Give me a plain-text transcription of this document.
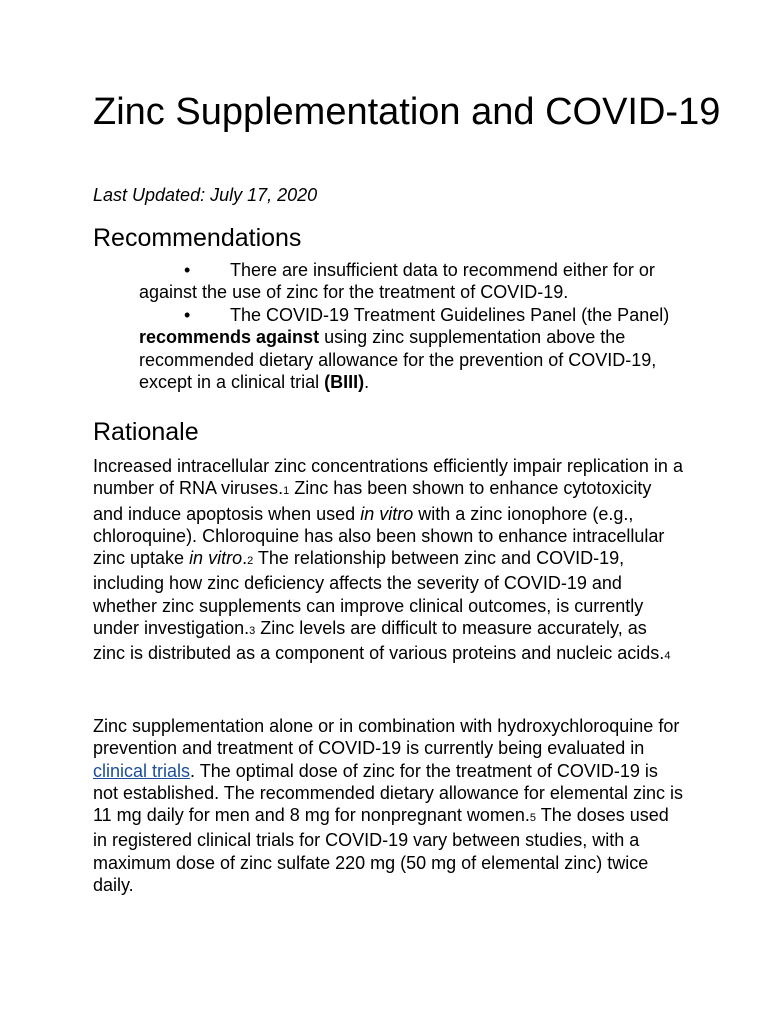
Zinc Supplementation and COVID-19

Last Updated: July 17, 2020

Recommendations
• There are insufficient data to recommend either for or against the use of zinc for the treatment of COVID-19.
• The COVID-19 Treatment Guidelines Panel (the Panel) recommends against using zinc supplementation above the recommended dietary allowance for the prevention of COVID-19, except in a clinical trial (BIII).
Rationale

Increased intracellular zinc concentrations efficiently impair replication in a number of RNA viruses.1 Zinc has been shown to enhance cytotoxicity and induce apoptosis when used in vitro with a zinc ionophore (e.g., chloroquine). Chloroquine has also been shown to enhance intracellular zinc uptake in vitro.2 The relationship between zinc and COVID-19, including how zinc deficiency affects the severity of COVID-19 and whether zinc supplements can improve clinical outcomes, is currently under investigation.3 Zinc levels are difficult to measure accurately, as zinc is distributed as a component of various proteins and nucleic acids.4

Zinc supplementation alone or in combination with hydroxychloroquine for prevention and treatment of COVID-19 is currently being evaluated in clinical trials. The optimal dose of zinc for the treatment of COVID-19 is not established. The recommended dietary allowance for elemental zinc is 11 mg daily for men and 8 mg for nonpregnant women.5 The doses used in registered clinical trials for COVID-19 vary between studies, with a maximum dose of zinc sulfate 220 mg (50 mg of elemental zinc) twice daily.
